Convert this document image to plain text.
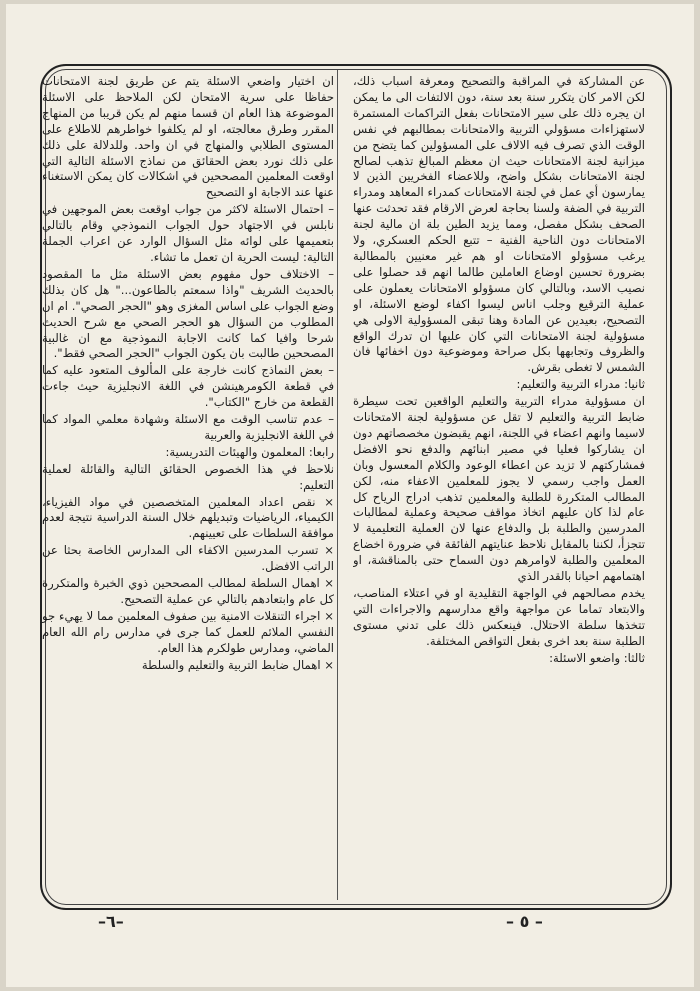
ان اختيار واضعي الاسئلة يتم عن طريق لجنة الامتحانات حفاظا على سرية الامتحان لكن الملاحظ على الاسئلة الموضوعة هذا العام ان قسما منهم لم يكن قريبا من المنهاج المقرر وطرق معالجته، او لم يكلفوا خواطرهم للاطلاع على المستوى الطلابي والمنهاج في ان واحد. وللدلالة على ذلك على ذلك نورد بعض الحقائق من نماذج الاسئلة التالية التي اوقعت المعلمين المصححين في اشكالات كان يمكن الاستغناء عنها عند الاجابة او التصحيح

– احتمال الاسئلة لاكثر من جواب اوقعت بعض الموجهين في نابلس في الاجتهاد حول الجواب النموذجي وقام بالتالي بتعميمها على لوائه مثل السؤال الوارد عن اعراب الجملة التالية: ليست الحرية ان تعمل ما تشاء.

– الاختلاف حول مفهوم بعض الاسئلة مثل ما المقصود بالحديث الشريف "واذا سمعتم بالطاعون..." هل كان بذلك وضع الجواب على اساس المغزى وهو "الحجر الصحي". ام ان المطلوب من السؤال هو الحجر الصحي مع شرح الحديث شرحا وافيا كما كانت الاجابة النموذجية مع ان غالبية المصححين طالبت بان يكون الجواب "الحجر الصحي فقط".

– بعض النماذج كانت خارجة على المألوف المتعود عليه كما في قطعة الكومرهينشن في اللغة الانجليزية حيث جاءت القطعة من خارج "الكتاب".

– عدم تناسب الوقت مع الاسئلة وشهادة معلمي المواد كما في اللغة الانجليزية والعربية

رابعا: المعلمون والهيئات التدريسية:

نلاحظ في هذا الخصوص الحقائق التالية والقائلة لعملية التعليم:

× نقص اعداد المعلمين المتخصصين في مواد الفيزياء، الكيمياء، الرياضيات وتبديلهم خلال السنة الدراسية نتيجة لعدم موافقة السلطات على تعيينهم.

× تسرب المدرسين الاكفاء الى المدارس الخاصة بحثا عن الراتب الافضل.

× اهمال السلطة لمطالب المصححين ذوي الخبرة والمتكررة كل عام وابتعادهم بالتالي عن عملية التصحيح.

× اجراء التنقلات الامنية بين صفوف المعلمين مما لا يهيء جو النفسي الملائم للعمل كما جرى في مدارس رام الله العام الماضي، ومدارس طولكرم هذا العام.

× اهمال ضابط التربية والتعليم والسلطة

عن المشاركة في المراقبة والتصحيح ومعرفة اسباب ذلك، لكن الامر كان يتكرر سنة بعد سنة، دون الالتفات الى ما يمكن ان يجره ذلك على سير الامتحانات بفعل التراكمات المستمرة لاستهزاءات مسؤولي التربية والامتحانات بمطالبهم في نفس الوقت الذي تصرف فيه الالاف على المسؤولين كما يتضح من ميزانية لجنة الامتحانات حيث ان معظم المبالغ تذهب لصالح لجنة الامتحانات بشكل واضح، وللاعضاء الفخريين الذين لا يمارسون أي عمل في لجنة الامتحانات كمدراء المعاهد ومدراء التربية في الضفة ولسنا بحاجة لعرض الارقام فقد تحدثت عنها الصحف بشكل مفصل، ومما يزيد الطين بلة ان مالية لجنة الامتحانات دون الناحية الفنية – تتبع الحكم العسكري، ولا يرغب مسؤولو الامتحانات او هم غير معنيين بالمطالبة بضرورة تحسين اوضاع العاملين طالما انهم قد حصلوا على نصيب الاسد، وبالتالي كان مسؤولو الامتحانات يعملون على عملية الترقيع وجلب اناس ليسوا اكفاء لوضع الاسئلة، او التصحيح، بعيدين عن المادة وهنا تبقى المسؤولية الاولى هي مسؤولية لجنة الامتحانات التي كان عليها ان تدرك الواقع والظروف وتجابهها بكل صراحة وموضوعية دون اخفائها فان الشمس لا تغطى بقرش.

ثانيا: مدراء التربية والتعليم:

ان مسؤولية مدراء التربية والتعليم الواقعين تحت سيطرة ضابط التربية والتعليم لا تقل عن مسؤولية لجنة الامتحانات لاسيما وانهم اعضاء في اللجنة، انهم يقبضون مخصصاتهم دون ان يشاركوا فعليا في مصير ابنائهم والدفع نحو الافضل فمشاركتهم لا تزيد عن اعطاء الوعود والكلام المعسول وبان العمل واجب رسمي لا يجوز للمعلمين الاعفاء منه، لكن المطالب المتكررة للطلبة والمعلمين تذهب ادراج الرياح كل عام لذا كان عليهم اتخاذ مواقف صحيحة وعملية لمطالبات المدرسين والطلبة بل والدفاع عنها لان العملية التعليمية لا تتجزأ، لكننا بالمقابل نلاحظ عنايتهم الفائقة في ضرورة اخضاع المعلمين والطلبة لاوامرهم دون السماح حتى بالمناقشة، او اهتمامهم احيانا بالقدر الذي

يخدم مصالحهم في الواجهة التقليدية او في اعتلاء المناصب، والابتعاد تماما عن مواجهة واقع مدارسهم والاجراءات التي تتخذها سلطة الاحتلال. فينعكس ذلك على تدني مستوى الطلبة سنة بعد اخرى بفعل التواقص المختلفة.

ثالثا: واضعو الاسئلة:

–٦–	– ٥ –
